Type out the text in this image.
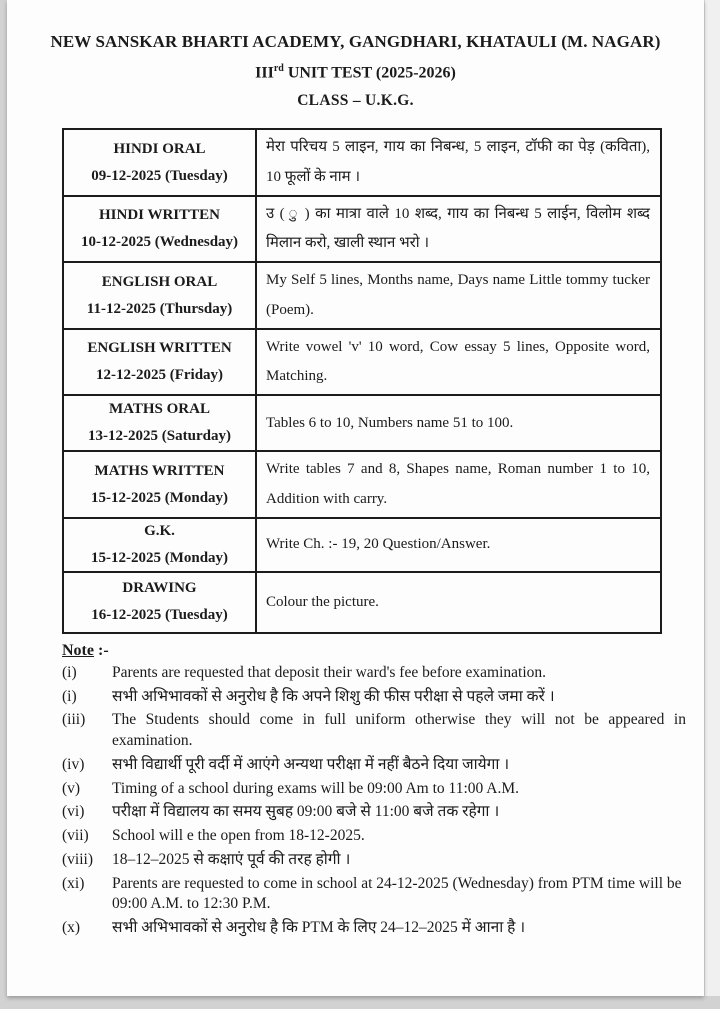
NEW SANSKAR BHARTI ACADEMY, GANGDHARI, KHATAULI (M. NAGAR)
IIIrd UNIT TEST (2025-2026)
CLASS – U.K.G.
HINDI ORAL
09-12-2025 (Tuesday)	मेरा परिचय 5 लाइन, गाय का निबन्ध, 5 लाइन, टॉफी का पेड़ (कविता), 10 फूलों के नाम ।

HINDI WRITTEN
10-12-2025 (Wednesday)	उ ( ु ) का मात्रा वाले 10 शब्द, गाय का निबन्ध 5 लाईन, विलोम शब्द मिलान करो, खाली स्थान भरो ।

ENGLISH ORAL
11-12-2025 (Thursday)	My Self 5 lines, Months name, Days name Little tommy tucker (Poem).

ENGLISH WRITTEN
12-12-2025 (Friday)	Write vowel 'v' 10 word, Cow essay 5 lines, Opposite word, Matching.

MATHS ORAL
13-12-2025 (Saturday)	Tables 6 to 10, Numbers name 51 to 100.

MATHS WRITTEN
15-12-2025 (Monday)	Write tables 7 and 8, Shapes name, Roman number 1 to 10, Addition with carry.

G.K.
15-12-2025 (Monday)	Write Ch. :- 19, 20 Question/Answer.

DRAWING
16-12-2025 (Tuesday)	Colour the picture.
Note :-
(i)	Parents are requested that deposit their ward's fee before examination.
(i)	सभी अभिभावकों से अनुरोध है कि अपने शिशु की फीस परीक्षा से पहले जमा करें ।
(iii)	The Students should come in full uniform otherwise they will not be appeared in examination.
(iv)	सभी विद्यार्थी पूरी वर्दी में आएंगे अन्यथा परीक्षा में नहीं बैठने दिया जायेगा ।
(v)	Timing of a school during exams will be 09:00 Am to 11:00 A.M.
(vi)	परीक्षा में विद्यालय का समय सुबह 09:00 बजे से 11:00 बजे तक रहेगा ।
(vii)	School will e the open from 18-12-2025.
(viii)	18–12–2025 से कक्षाएं पूर्व की तरह होगी ।
(xi)	Parents are requested to come in school at 24-12-2025 (Wednesday) from PTM time will be 09:00 A.M. to 12:30 P.M.
(x)	सभी अभिभावकों से अनुरोध है कि PTM के लिए 24–12–2025 में आना है ।
